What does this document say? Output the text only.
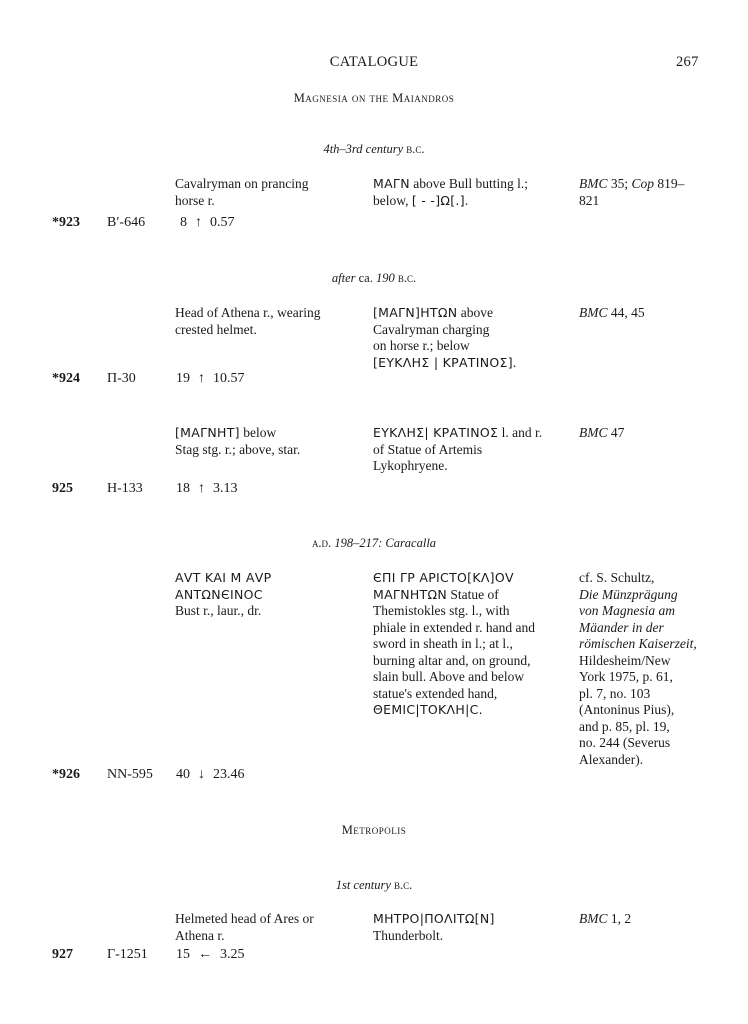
CATALOGUE	267
Magnesia on the Maiandros
4th–3rd century b.c.
Cavalryman on prancing
horse r.
ΜΑΓΝ above Bull butting l.;
below, [ - -]Ω[.].
BMC 35; Cop 819–
821
*923 B′-646 8 ↑ 0.57
after ca. 190 b.c.
Head of Athena r., wearing
crested helmet.
[ΜΑΓΝ]ΗΤΩΝ above
Cavalryman charging
on horse r.; below
[ΕΥΚΛΗΣ | ΚΡΑΤΙΝΟΣ].
BMC 44, 45
*924 Π-30	19 ↑ 10.57
[ΜΑΓΝΗΤ] below
Stag stg. r.; above, star.
ΕΥΚΛΗΣ| ΚΡΑΤΙΝΟΣ l. and r.
of Statue of Artemis
Lykophryene.
BMC 47
925 H-133 18 ↑ 3.13
a.d. 198–217: Caracalla
ΑVΤ ΚΑΙ Μ ΑVΡ
ΑΝΤΩΝЄΙΝΟϹ
Bust r., laur., dr.
ЄΠΙ ΓΡ ΑΡΙϹΤΟ[ΚΛ]ΟV
ΜΑΓΝΗΤΩΝ Statue of
Themistokles stg. l., with
phiale in extended r. hand and
sword in sheath in l.; at l.,
burning altar and, on ground,
slain bull. Above and below
statue's extended hand,
ΘΕΜΙϹ|ΤΟΚΛΗ|Ϲ.
cf. S. Schultz,
Die Münzprägung
von Magnesia am
Mäander in der
römischen Kaiserzeit,
Hildesheim/New
York 1975, p. 61,
pl. 7, no. 103
(Antoninus Pius),
and p. 85, pl. 19,
no. 244 (Severus
Alexander).
*926 NN-595 40 ↓ 23.46
Metropolis
1st century b.c.
Helmeted head of Ares or
Athena r.
ΜΗΤΡΟ|ΠΟΛΙΤΩ[Ν]
Thunderbolt.
BMC 1, 2
927 Γ-1251 15 ← 3.25
